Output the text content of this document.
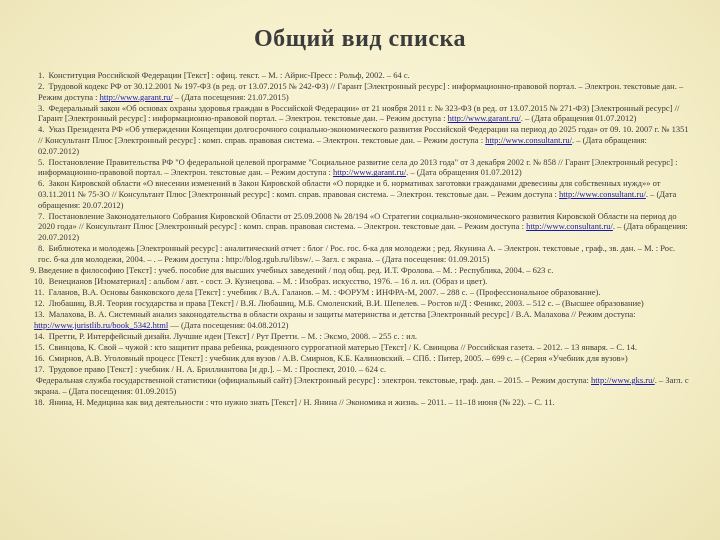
Общий вид списка
1. Конституция Российской Федерации [Текст] : офиц. текст. – М. : Айрис-Пресс : Рольф, 2002. – 64 с.
2. Трудовой кодекс РФ от 30.12.2001 № 197-ФЗ (в ред. от 13.07.2015 № 242-ФЗ) // Гарант [Электронный ресурс] : информационно-правовой портал. – Электрон. текстовые дан. – Режим доступа : http://www.garant.ru/ – (Дата посещения: 21.07.2015)
3. Федеральный закон «Об основах охраны здоровья граждан в Российской Федерации» от 21 ноября 2011 г. № 323-ФЗ (в ред. от 13.07.2015 № 271-ФЗ) [Электронный ресурс] // Гарант [Электронный ресурс] : информационно-правовой портал. – Электрон. текстовые дан. – Режим доступа : http://www.garant.ru/. – (Дата обращения 01.07.2012)
4. Указ Президента РФ «Об утверждении Концепции долгосрочного социально-экономического развития Российской Федерации на период до 2025 года» от 09. 10. 2007 г. № 1351 // Консультант Плюс [Электронный ресурс] : комп. справ. правовая система. – Электрон. текстовые дан. – Режим доступа : http://www.consultant.ru/. – (Дата обращения: 02.07.2012)
5. Постановление Правительства РФ "О федеральной целевой программе "Социальное развитие села до 2013 года" от 3 декабря 2002 г. № 858 // Гарант [Электронный ресурс] : информационно-правовой портал. – Электрон. текстовые дан. – Режим доступа : http://www.garant.ru/. – (Дата обращения 01.07.2012)
6. Закон Кировской области «О внесении изменений в Закон Кировской области «О порядке и б. нормативах заготовки гражданами древесины для собственных нужд»» от 03.11.2011 № 75-ЗО // Консультант Плюс [Электронный ресурс] : комп. справ. правовая система. – Электрон. текстовые дан. – Режим доступа : http://www.consultant.ru/. – (Дата обращения: 20.07.2012)
7. Постановление Законодательного Собрания Кировской Области от 25.09.2008 № 28/194 «О Стратегии социально-экономического развития Кировской Области на период до 2020 года» // Консультант Плюс [Электронный ресурс] : комп. справ. правовая система. – Электрон. текстовые дан. – Режим доступа : http://www.consultant.ru/. – (Дата обращения: 20.07.2012)
8. Библиотека и молодежь [Электронный ресурс] : аналитический отчет : блог / Рос. гос. б-ка для молодежи ; ред. Якунина А. – Электрон. текстовые , граф., зв. дан. – М. : Рос. гос. б-ка для молодежи, 2004. – . – Режим доступа : http://blog.rgub.ru/libsw/. – Загл. с экрана. – (Дата посещения: 01.09.2015)
9. Введение в философию [Текст] : учеб. пособие для высших учебных заведений / под общ. ред. И.Т. Фролова. – М. : Республика, 2004. – 623 с.
10. Венецианов [Изоматериал] : альбом / авт. - сост. Э. Кузнецова. – М. : Изобраз. искусство, 1976. – 16 л. ил. (Образ и цвет).
11. Галанов, В.А. Основы банковского дела [Текст] : учебник / В.А. Галанов. – М. : ФОРУМ : ИНФРА-М, 2007. – 288 с. – (Профессиональное образование).
12. Любашиц, В.Я. Теория государства и права [Текст] / В.Я. Любашиц, М.Б. Смоленский, В.И. Шепелев. – Ростов н/Д : Феникс, 2003. – 512 с. – (Высшее образование)
13. Малахова, В. А. Системный анализ законодательства в области охраны и защиты материнства и детства [Электронный ресурс] / В.А. Малахова // Режим доступа: http://www.juristlib.ru/book_5342.html — (Дата посещения: 04.08.2012)
14. Претти, Р. Интерфейсный дизайн. Лучшие идеи [Текст] / Рут Претти. – М. : Эксмо, 2008. – 255 с. : ил.
15. Свинцова, К. Свой – чужой : кто защитит права ребенка, рожденного суррогатной матерью [Текст] / К. Свинцова // Российская газета. – 2012. – 13 января. – С. 14.
16. Смирнов, А.В. Уголовный процесс [Текст] : учебник для вузов / А.В. Смирнов, К.Б. Калиновский. – СПб. : Питер, 2005. – 699 с. – (Серия «Учебник для вузов»)
17. Трудовое право [Текст] : учебник / Н. А. Бриллиантова [и др.]. – М. : Проспект, 2010. – 624 с.
Федеральная служба государственной статистики (официальный сайт) [Электронный ресурс] : электрон. текстовые, граф. дан. – 2015. – Режим доступа: http://www.gks.ru/. – Загл. с экрана. – (Дата посещения: 01.09.2015)
18. Янина, Н. Медицина как вид деятельности : что нужно знать [Текст] / Н. Янина // Экономика и жизнь. – 2011. – 11–18 июня (№ 22). – С. 11.
